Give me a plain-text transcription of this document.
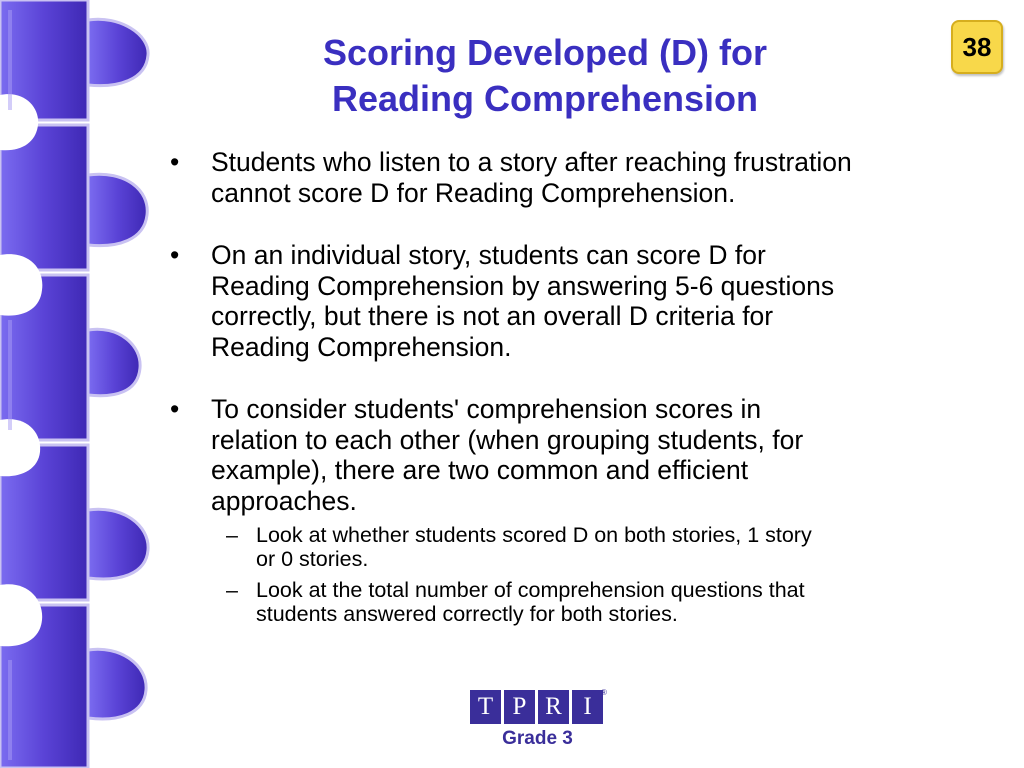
Scoring Developed (D) for
Reading Comprehension
38
• Students who listen to a story after reaching frustration
cannot score D for Reading Comprehension.
• On an individual story, students can score D for
Reading Comprehension by answering 5-6 questions
correctly, but there is not an overall D criteria for
Reading Comprehension.
• To consider students' comprehension scores in
relation to each other (when grouping students, for
example), there are two common and efficient
approaches.
– Look at whether students scored D on both stories, 1 story
or 0 stories.
– Look at the total number of comprehension questions that
students answered correctly for both stories.
T P R I
®
Grade 3
